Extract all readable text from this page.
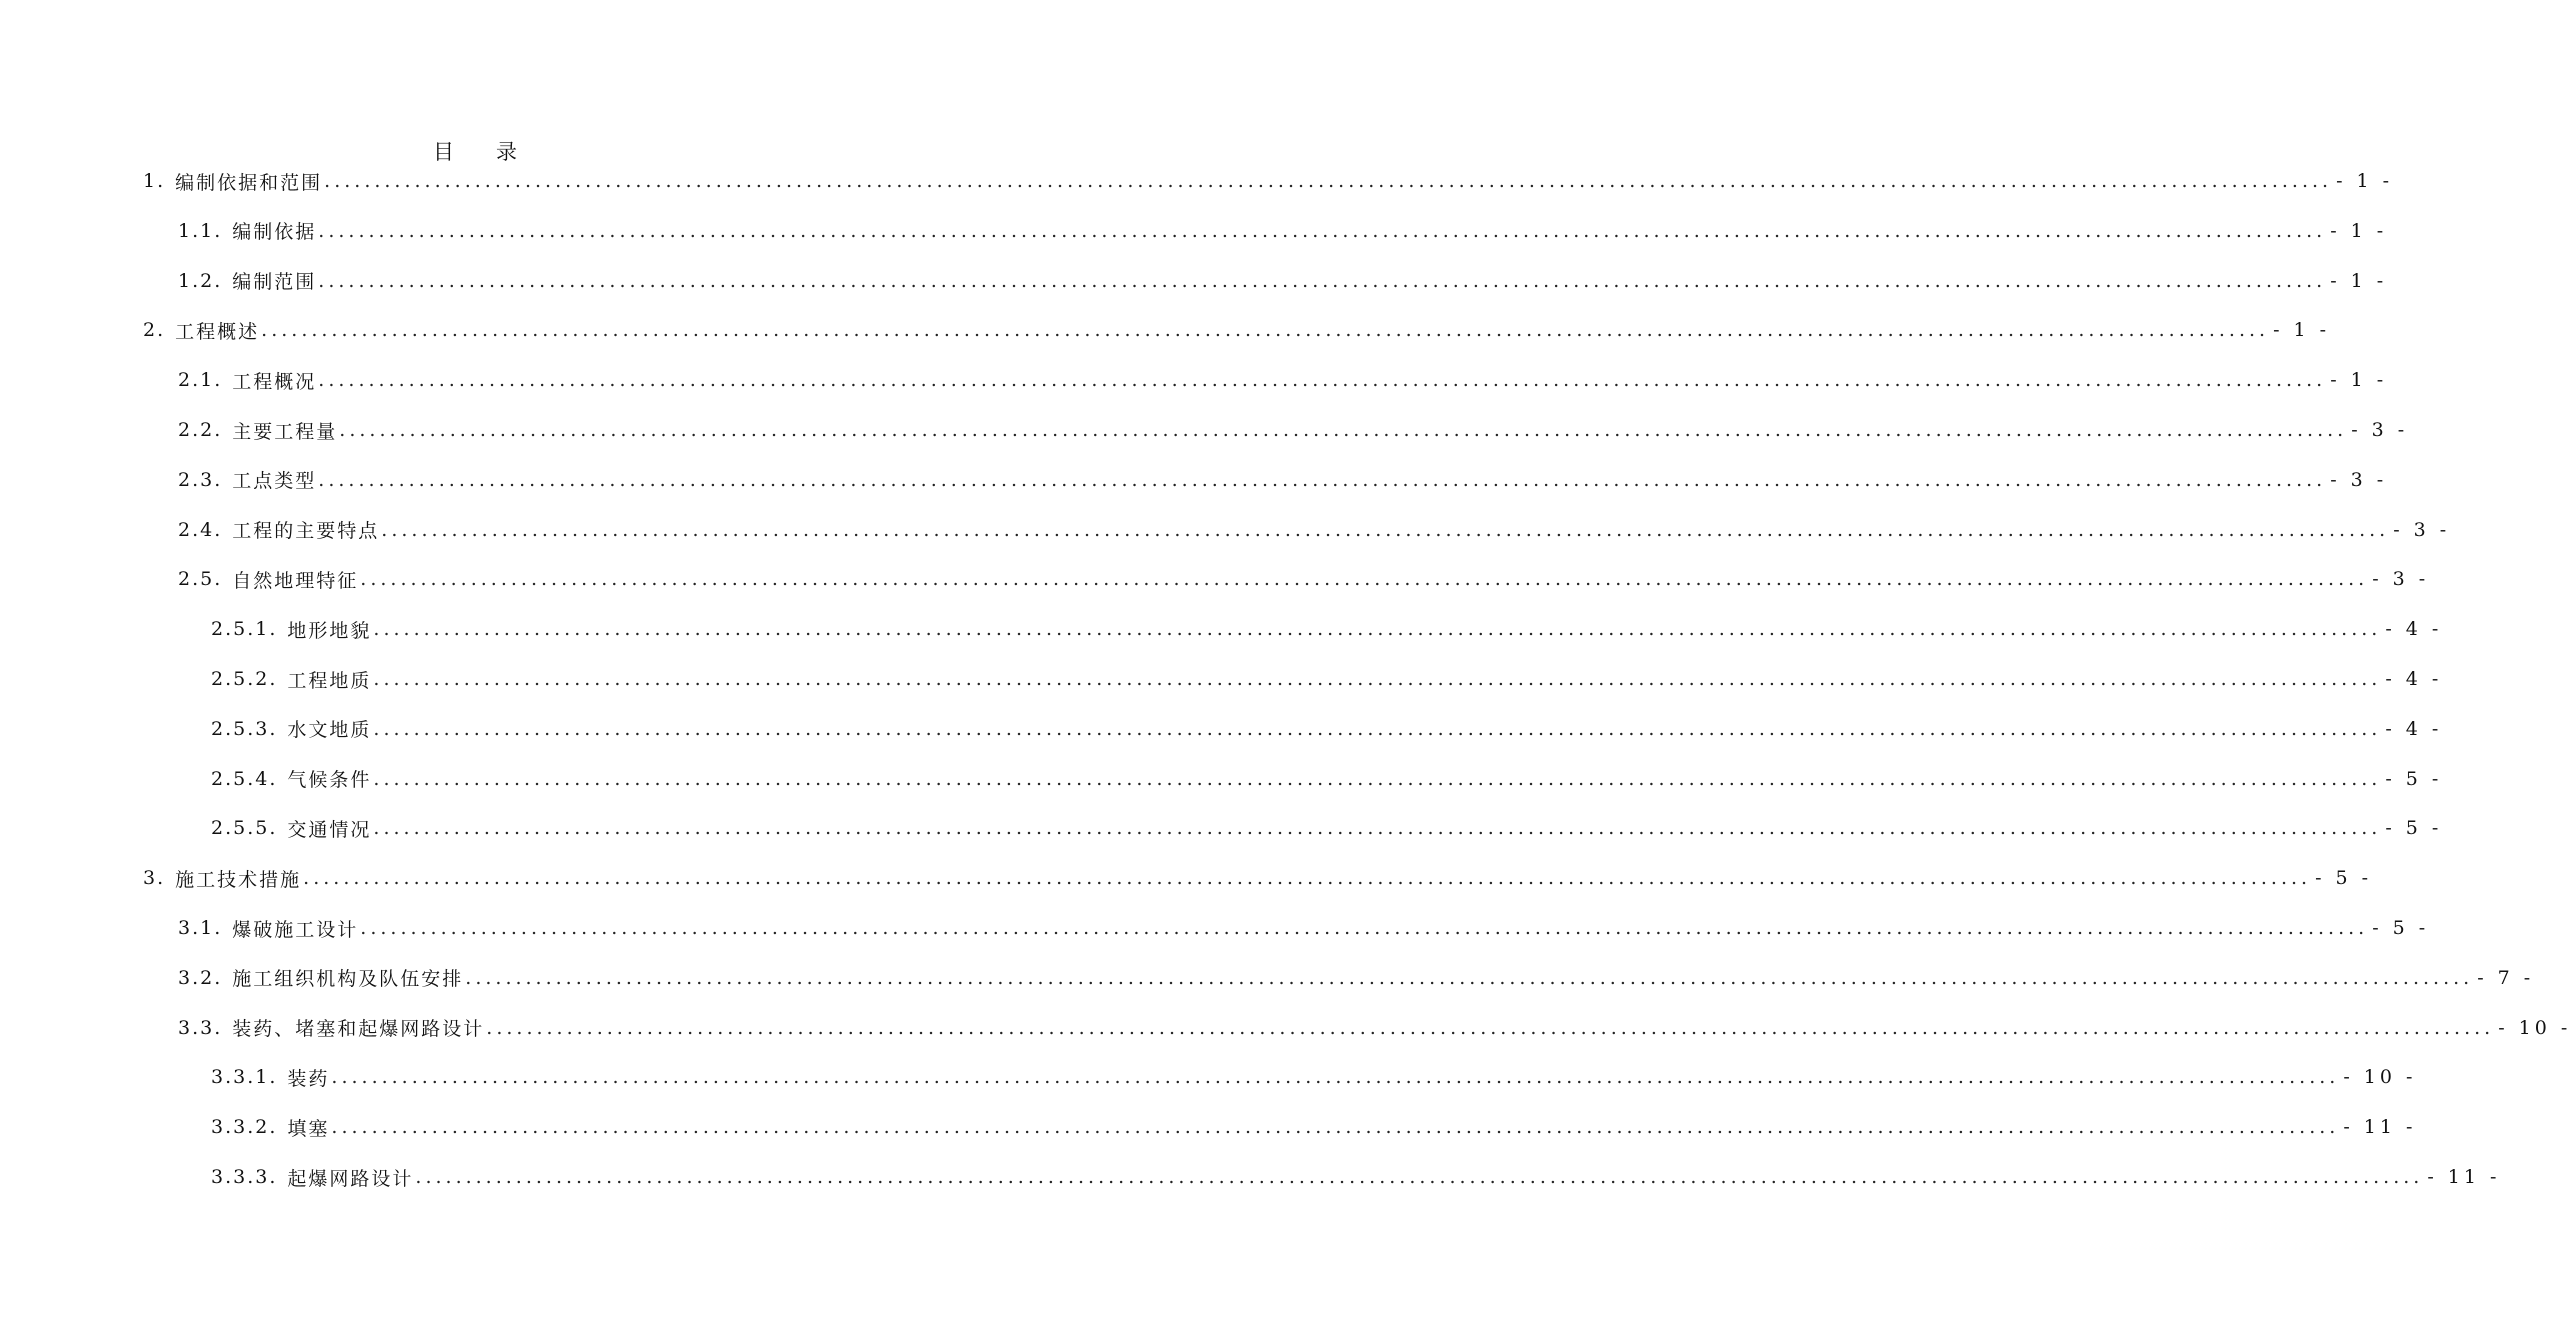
目　　录
1. 编制依据和范围 ........................................................................................................................................................................................................ - 1 -
1.1. 编制依据 ........................................................................................................................................................................................................ - 1 -
1.2. 编制范围 ........................................................................................................................................................................................................ - 1 -
2. 工程概述 ........................................................................................................................................................................................................ - 1 -
2.1. 工程概况 ........................................................................................................................................................................................................ - 1 -
2.2. 主要工程量 ........................................................................................................................................................................................................ - 3 -
2.3. 工点类型 ........................................................................................................................................................................................................ - 3 -
2.4. 工程的主要特点 ........................................................................................................................................................................................................ - 3 -
2.5. 自然地理特征 ........................................................................................................................................................................................................ - 3 -
2.5.1. 地形地貌 ........................................................................................................................................................................................................ - 4 -
2.5.2. 工程地质 ........................................................................................................................................................................................................ - 4 -
2.5.3. 水文地质 ........................................................................................................................................................................................................ - 4 -
2.5.4. 气候条件 ........................................................................................................................................................................................................ - 5 -
2.5.5. 交通情况 ........................................................................................................................................................................................................ - 5 -
3. 施工技术措施 ........................................................................................................................................................................................................ - 5 -
3.1. 爆破施工设计 ........................................................................................................................................................................................................ - 5 -
3.2. 施工组织机构及队伍安排 ........................................................................................................................................................................................................ - 7 -
3.3. 装药、堵塞和起爆网路设计 ........................................................................................................................................................................................................ - 10 -
3.3.1. 装药 ........................................................................................................................................................................................................ - 10 -
3.3.2. 填塞 ........................................................................................................................................................................................................ - 11 -
3.3.3. 起爆网路设计 ........................................................................................................................................................................................................ - 11 -
